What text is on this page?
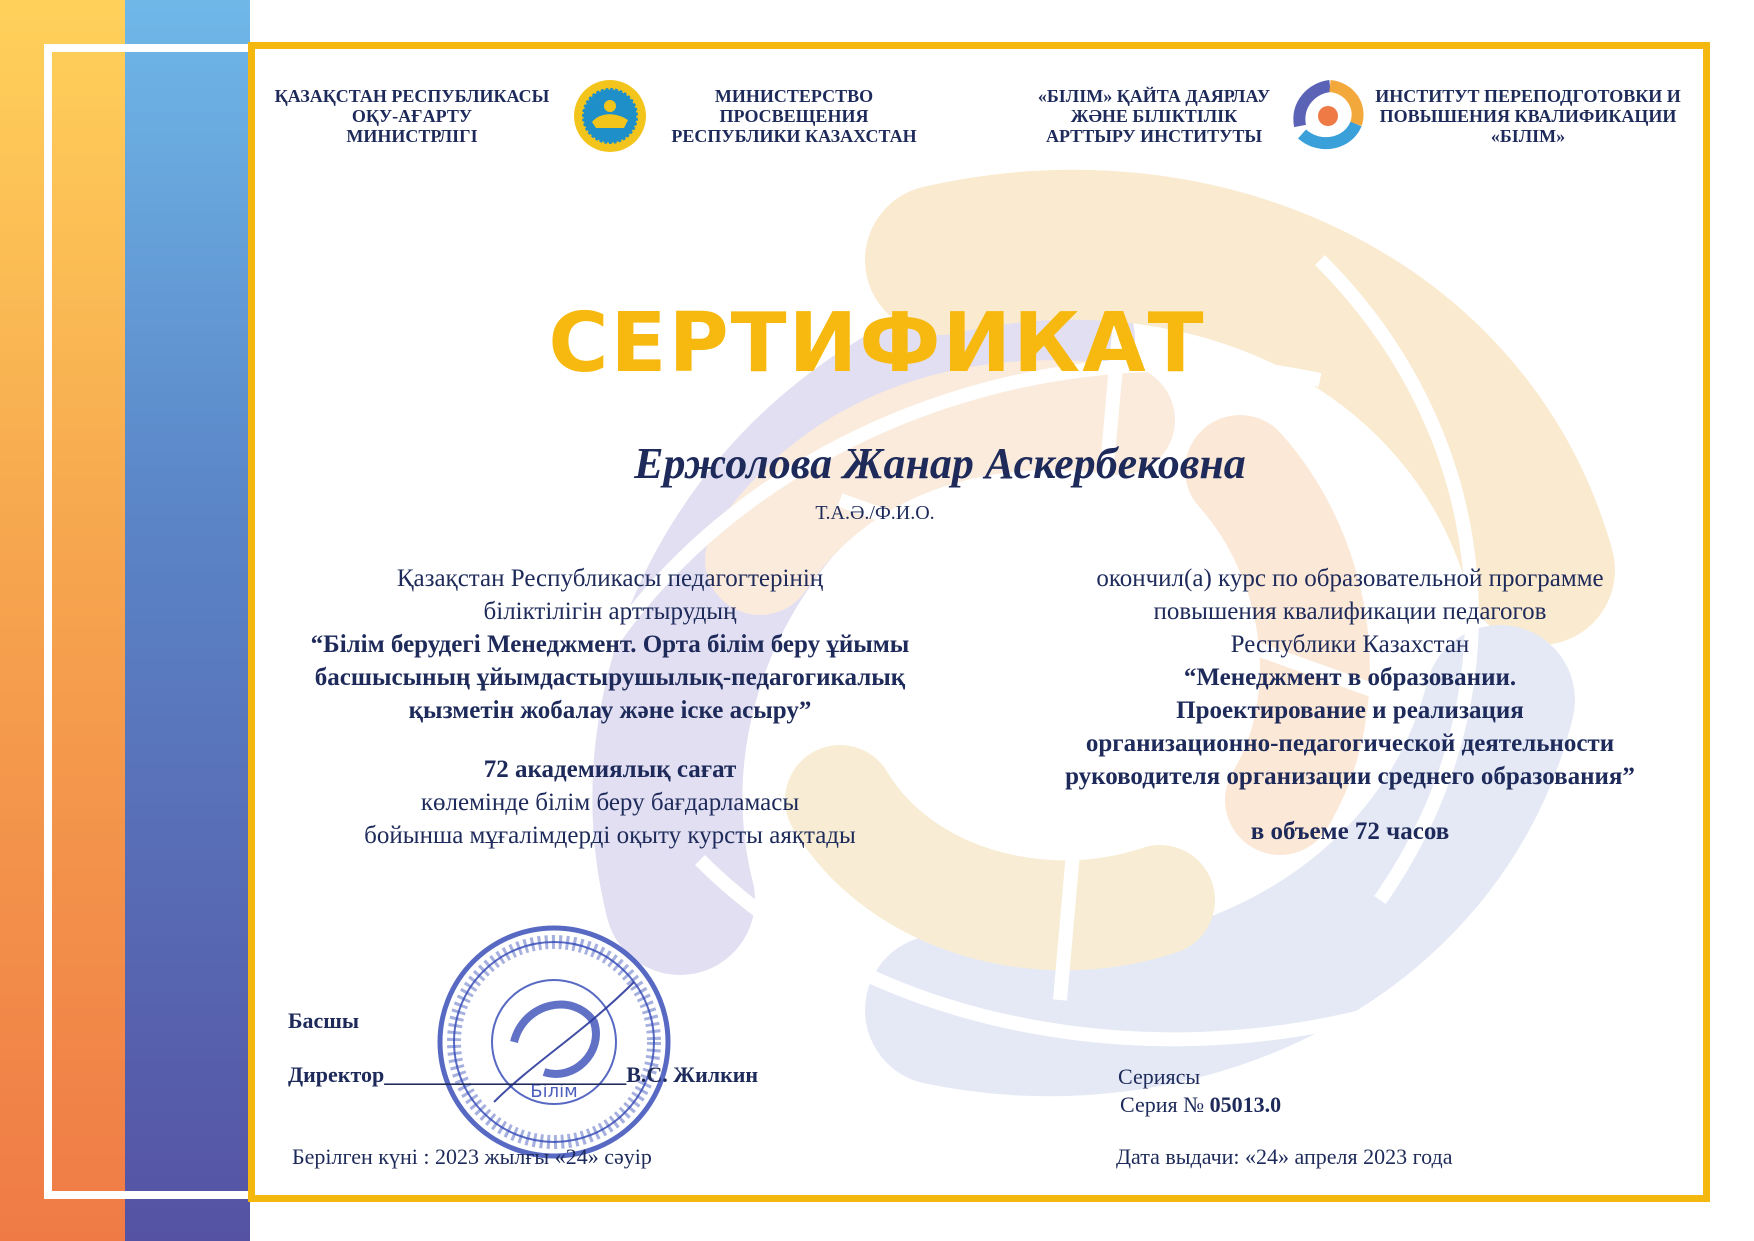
ҚАЗАҚСТАН РЕСПУБЛИКАСЫ
ОҚУ-АҒАРТУ
МИНИСТРЛІГІ
МИНИСТЕРСТВО
ПРОСВЕЩЕНИЯ
РЕСПУБЛИКИ КАЗАХСТАН
«БІЛІМ» ҚАЙТА ДАЯРЛАУ
ЖӘНЕ БІЛІКТІЛІК
АРТТЫРУ ИНСТИТУТЫ
ИНСТИТУТ ПЕРЕПОДГОТОВКИ И
ПОВЫШЕНИЯ КВАЛИФИКАЦИИ
«БІЛІМ»
СЕРТИФИКАТ
Ержолова Жанар Аскербековна
Т.А.Ә./Ф.И.О.

Қазақстан Республикасы педагогтерінің

біліктілігін арттырудың

“Білім берудегі Менеджмент. Орта білім беру ұйымы

басшысының ұйымдастырушылық-педагогикалық

қызметін жобалау және іске асыру”

72 академиялық сағат

көлемінде білім беру бағдарламасы

бойынша мұғалімдерді оқыту курсты аяқтады

окончил(а) курс по образовательной программе

повышения квалификации педагогов

Республики Казахстан

“Менеджмент в образовании.

Проектирование и реализация

организационно-педагогической деятельности

руководителя организации среднего образования”

в объеме 72 часов

Білім
Басшы
Директор______________________В.С. Жилкин	Сериясы
Серия № 05013.0
Берілген күні : 2023 жылғы «24» сәуір	Дата выдачи: «24» апреля 2023 года
